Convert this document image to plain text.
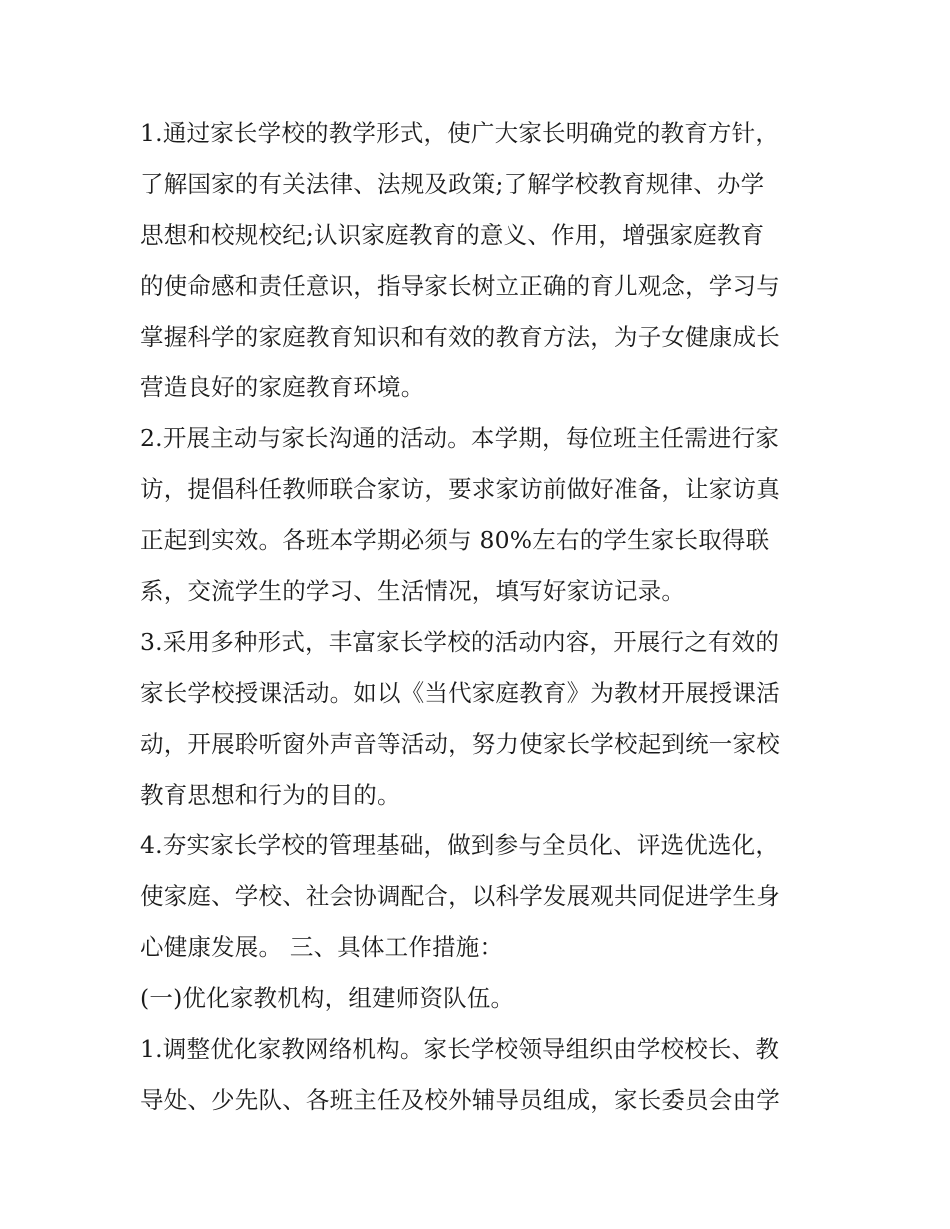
1.通过家长学校的教学形式，使广大家长明确党的教育方针，
了解国家的有关法律、法规及政策;了解学校教育规律、办学
思想和校规校纪;认识家庭教育的意义、作用，增强家庭教育
的使命感和责任意识，指导家长树立正确的育儿观念，学习与
掌握科学的家庭教育知识和有效的教育方法，为子女健康成长
营造良好的家庭教育环境。
2.开展主动与家长沟通的活动。本学期，每位班主任需进行家
访，提倡科任教师联合家访，要求家访前做好准备，让家访真
正起到实效。各班本学期必须与 80%左右的学生家长取得联
系，交流学生的学习、生活情况，填写好家访记录。
3.采用多种形式，丰富家长学校的活动内容，开展行之有效的
家长学校授课活动。如以《当代家庭教育》为教材开展授课活
动，开展聆听窗外声音等活动，努力使家长学校起到统一家校
教育思想和行为的目的。
4.夯实家长学校的管理基础，做到参与全员化、评选优选化，
使家庭、学校、社会协调配合，以科学发展观共同促进学生身
心健康发展。 三、具体工作措施：
(一)优化家教机构，组建师资队伍。
1.调整优化家教网络机构。家长学校领导组织由学校校长、教
导处、少先队、各班主任及校外辅导员组成，家长委员会由学
